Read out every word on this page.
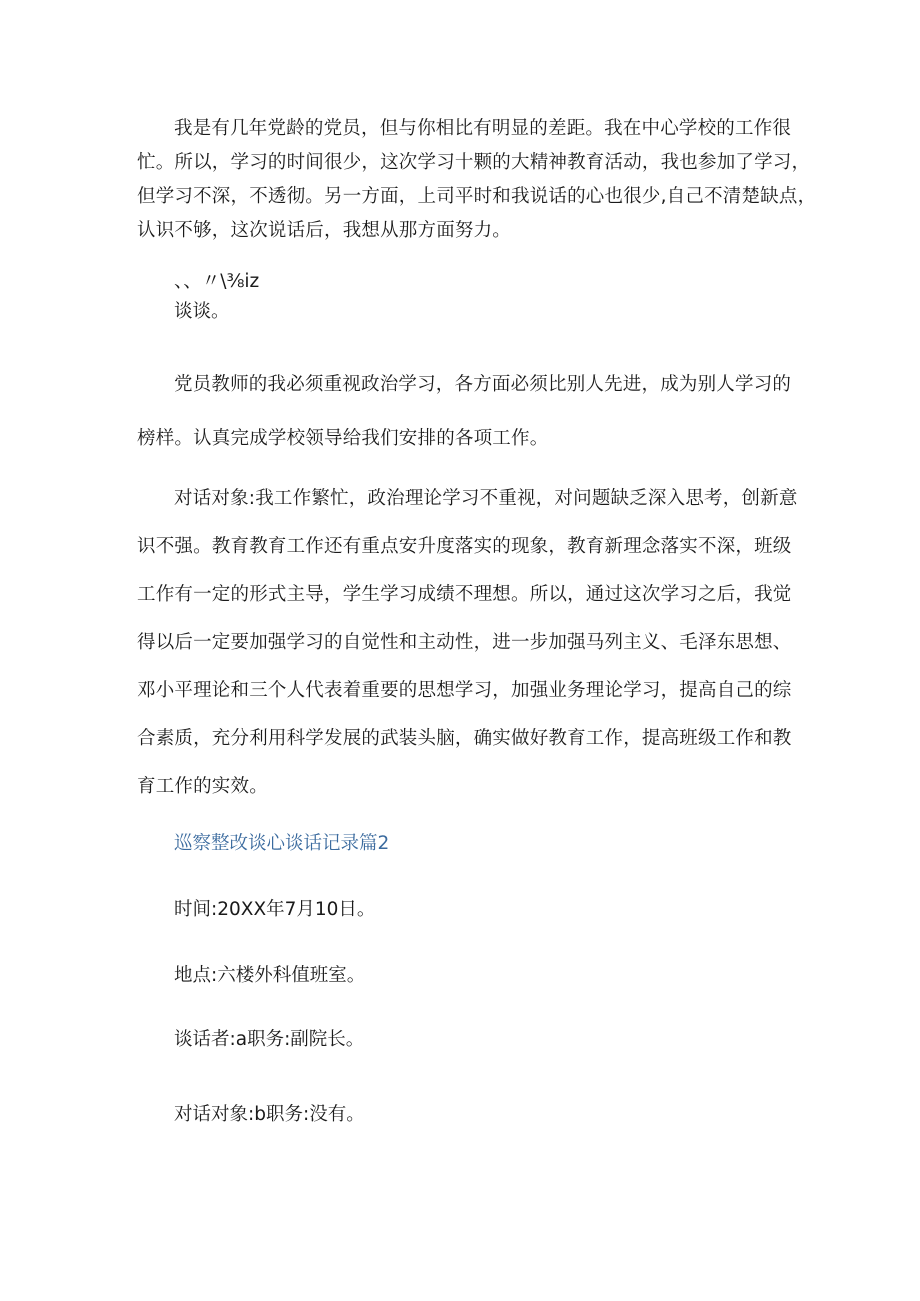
我是有几年党龄的党员，但与你相比有明显的差距。我在中心学校的工作很
忙。所以，学习的时间很少，这次学习十颗的大精神教育活动，我也参加了学习，
但学习不深，不透彻。另一方面，上司平时和我说话的心也很少,自己不清楚缺点，
认识不够，这次说话后，我想从那方面努力。
、、〃\⅜iz
谈谈。
党员教师的我必须重视政治学习，各方面必须比别人先进，成为别人学习的
榜样。认真完成学校领导给我们安排的各项工作。
对话对象:我工作繁忙，政治理论学习不重视，对问题缺乏深入思考，创新意
识不强。教育教育工作还有重点安升度落实的现象，教育新理念落实不深，班级
工作有一定的形式主导，学生学习成绩不理想。所以，通过这次学习之后，我觉
得以后一定要加强学习的自觉性和主动性，进一步加强马列主义、毛泽东思想、
邓小平理论和三个人代表着重要的思想学习，加强业务理论学习，提高自己的综
合素质，充分利用科学发展的武装头脑，确实做好教育工作，提高班级工作和教
育工作的实效。
巡察整改谈心谈话记录篇2
时间:20XX年7月10日。
地点:六楼外科值班室。
谈话者:a职务:副院长。
对话对象:b职务:没有。
